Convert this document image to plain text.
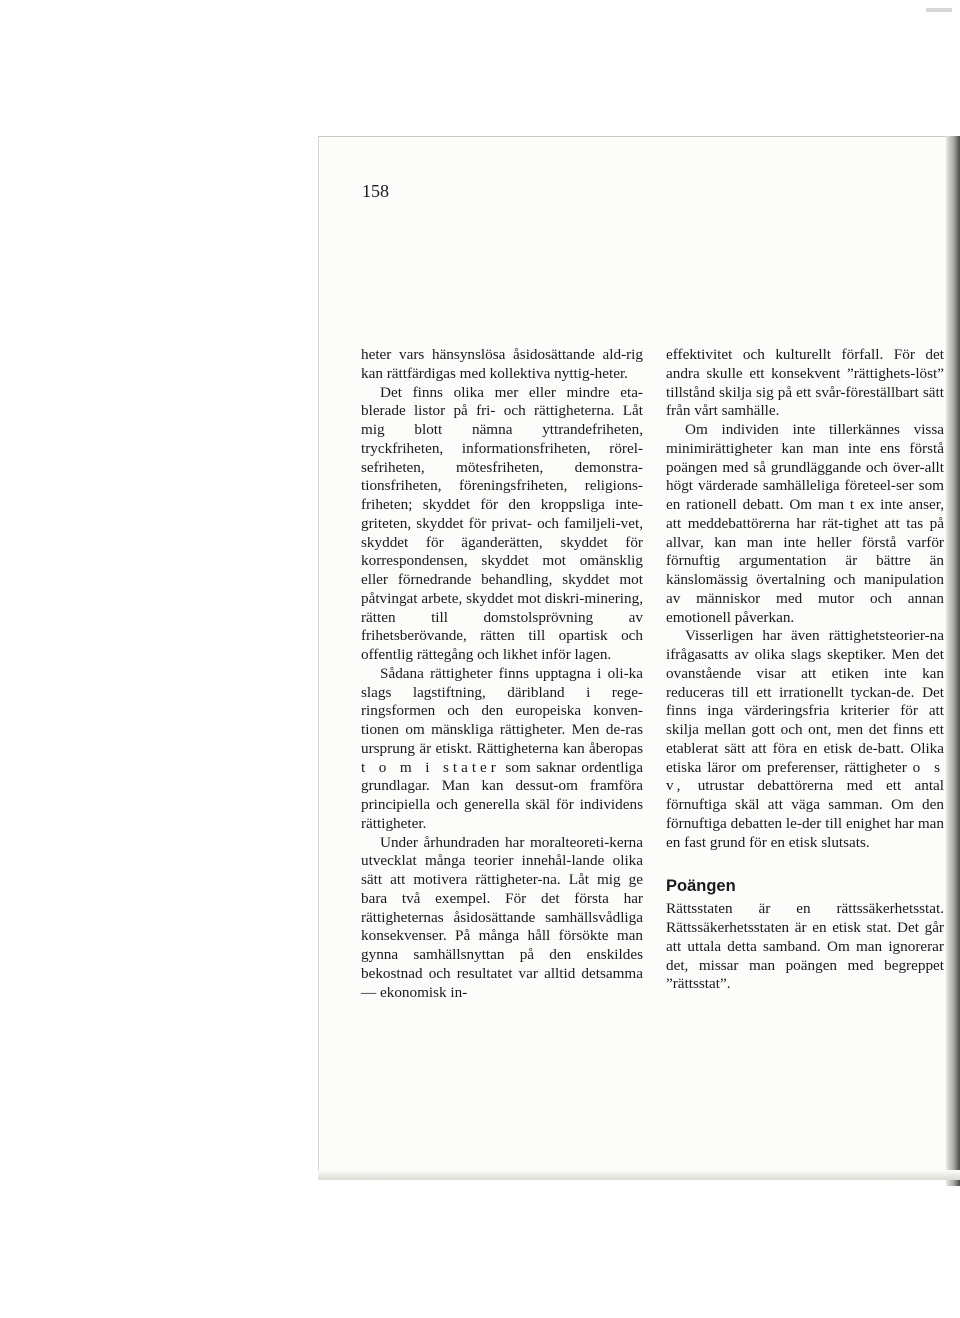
158

heter vars hänsynslösa åsidosättande ald-rig kan rättfärdigas med kollektiva nyttig-heter.

Det finns olika mer eller mindre eta-blerade listor på fri- och rättigheterna. Låt mig blott nämna yttrandefriheten, tryckfriheten, informationsfriheten, rörel-sefriheten, mötesfriheten, demonstra-tionsfriheten, föreningsfriheten, religions-friheten; skyddet för den kroppsliga inte-griteten, skyddet för privat- och familjeli-vet, skyddet för äganderätten, skyddet för korrespondensen, skyddet mot omänsklig eller förnedrande behandling, skyddet mot påtvingat arbete, skyddet mot diskri-minering, rätten till domstolsprövning av frihetsberövande, rätten till opartisk och offentlig rättegång och likhet inför lagen.

Sådana rättigheter finns upptagna i oli-ka slags lagstiftning, däribland i rege-ringsformen och den europeiska konven-tionen om mänskliga rättigheter. Men de-ras ursprung är etiskt. Rättigheterna kan åberopas t o m i stater som saknar ordentliga grundlagar. Man kan dessut-om framföra principiella och generella skäl för individens rättigheter.

Under århundraden har moralteoreti-kerna utvecklat många teorier innehål-lande olika sätt att motivera rättigheter-na. Låt mig ge bara två exempel. För det första har rättigheternas åsidosättande samhällsvådliga konsekvenser. På många håll försökte man gynna samhällsnyttan på den enskildes bekostnad och resultatet var alltid detsamma — ekonomisk in-

effektivitet och kulturellt förfall. För det andra skulle ett konsekvent ”rättighets-löst” tillstånd skilja sig på ett svår-föreställbart sätt från vårt samhälle.

Om individen inte tillerkännes vissa minimirättigheter kan man inte ens förstå poängen med så grundläggande och över-allt högt värderade samhälleliga företeel-ser som en rationell debatt. Om man t ex inte anser, att meddebattörerna har rät-tighet att tas på allvar, kan man inte heller förstå varför förnuftig argumentation är bättre än känslomässig övertalning och manipulation av människor med mutor och annan emotionell påverkan.

Visserligen har även rättighetsteorier-na ifrågasatts av olika slags skeptiker. Men det ovanstående visar att etiken inte kan reduceras till ett irrationellt tyckan-de. Det finns inga värderingsfria kriterier för att skilja mellan gott och ont, men det finns ett etablerat sätt att föra en etisk de-batt. Olika etiska läror om preferenser, rättigheter o s v, utrustar debattörerna med ett antal förnuftiga skäl att väga samman. Om den förnuftiga debatten le-der till enighet har man en fast grund för en etisk slutsats.

Poängen

Rättsstaten är en rättssäkerhetsstat. Rättssäkerhetsstaten är en etisk stat. Det går att uttala detta samband. Om man ignorerar det, missar man poängen med begreppet ”rättsstat”.
